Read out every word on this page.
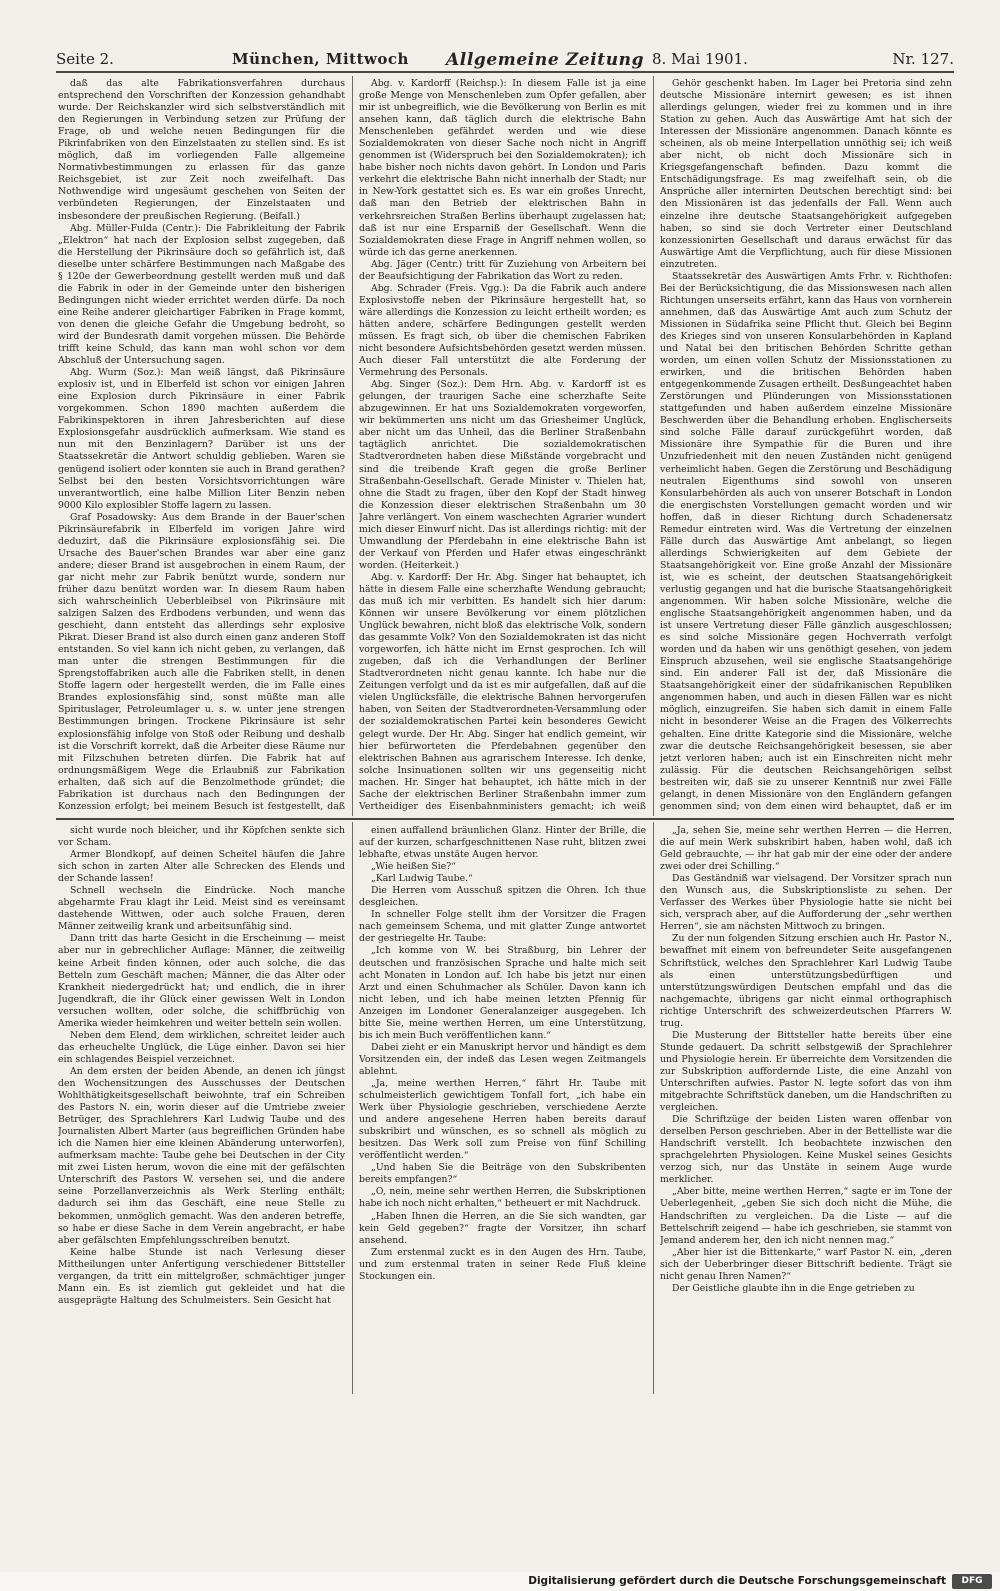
Seite 2.	München, Mittwoch Allgemeine Zeitung 8. Mai 1901.	Nr. 127.

daß das alte Fabrikationsverfahren durchaus entsprechend den Vorschriften der Konzession gehandhabt wurde. Der Reichskanzler wird sich selbstverständlich mit den Regierungen in Verbindung setzen zur Prüfung der Frage, ob und welche neuen Bedingungen für die Pikrinfabriken von den Einzelstaaten zu stellen sind. Es ist möglich, daß im vorliegenden Falle allgemeine Normativbestimmungen zu erlassen für das ganze Reichsgebiet, ist zur Zeit noch zweifelhaft. Das Nothwendige wird ungesäumt geschehen von Seiten der verbündeten Regierungen, der Einzelstaaten und insbesondere der preußischen Regierung. (Beifall.)

Abg. Müller-Fulda (Centr.): Die Fabrikleitung der Fabrik „Elektron“ hat nach der Explosion selbst zugegeben, daß die Herstellung der Pikrinsäure doch so gefährlich ist, daß dieselbe unter schärfere Bestimmungen nach Maßgabe des § 120e der Gewerbeordnung gestellt werden muß und daß die Fabrik in oder in der Gemeinde unter den bisherigen Bedingungen nicht wieder errichtet werden dürfe. Da noch eine Reihe anderer gleichartiger Fabriken in Frage kommt, von denen die gleiche Gefahr die Umgebung bedroht, so wird der Bundesrath damit vorgehen müssen. Die Behörde trifft keine Schuld, das kann man wohl schon vor dem Abschluß der Untersuchung sagen.

Abg. Wurm (Soz.): Man weiß längst, daß Pikrinsäure explosiv ist, und in Elberfeld ist schon vor einigen Jahren eine Explosion durch Pikrinsäure in einer Fabrik vorgekommen. Schon 1890 machten außerdem die Fabrikinspektoren in ihren Jahresberichten auf diese Explosionsgefahr ausdrücklich aufmerksam. Wie stand es nun mit den Benzinlagern? Darüber ist uns der Staatssekretär die Antwort schuldig geblieben. Waren sie genügend isoliert oder konnten sie auch in Brand gerathen? Selbst bei den besten Vorsichtsvorrichtungen wäre unverantwortlich, eine halbe Million Liter Benzin neben 9000 Kilo explosibler Stoffe lagern zu lassen.

Graf Posadowsky: Aus dem Brande in der Bauer'schen Pikrinsäurefabrik in Elberfeld im vorigen Jahre wird deduzirt, daß die Pikrinsäure explosionsfähig sei. Die Ursache des Bauer'schen Brandes war aber eine ganz andere; dieser Brand ist ausgebrochen in einem Raum, der gar nicht mehr zur Fabrik benützt wurde, sondern nur früher dazu benützt worden war. In diesem Raum haben sich wahrscheinlich Ueberbleibsel von Pikrinsäure mit salzigen Salzen des Erdbodens verbunden, und wenn das geschieht, dann entsteht das allerdings sehr explosive Pikrat. Dieser Brand ist also durch einen ganz anderen Stoff entstanden. So viel kann ich nicht geben, zu verlangen, daß man unter die strengen Bestimmungen für die Sprengstoffabriken auch alle die Fabriken stellt, in denen Stoffe lagern oder hergestellt werden, die im Falle eines Brandes explosionsfähig sind, sonst müßte man alle Spirituslager, Petroleumlager u. s. w. unter jene strengen Bestimmungen bringen. Trockene Pikrinsäure ist sehr explosionsfähig infolge von Stoß oder Reibung und deshalb ist die Vorschrift korrekt, daß die Arbeiter diese Räume nur mit Filzschuhen betreten dürfen. Die Fabrik hat auf ordnungsmäßigem Wege die Erlaubniß zur Fabrikation erhalten, daß sich auf die Benzolmethode gründet; die Fabrikation ist durchaus nach den Bedingungen der Konzession erfolgt; bei meinem Besuch ist festgestellt, daß

Abg. v. Kardorff (Reichsp.): In diesem Falle ist ja eine große Menge von Menschenleben zum Opfer gefallen, aber mir ist unbegreiflich, wie die Bevölkerung von Berlin es mit ansehen kann, daß täglich durch die elektrische Bahn Menschenleben gefährdet werden und wie diese Sozialdemokraten von dieser Sache noch nicht in Angriff genommen ist (Widerspruch bei den Sozialdemokraten); ich habe bisher noch nichts davon gehört. In London und Paris verkehrt die elektrische Bahn nicht innerhalb der Stadt; nur in New-York gestattet sich es. Es war ein großes Unrecht, daß man den Betrieb der elektrischen Bahn in verkehrsreichen Straßen Berlins überhaupt zugelassen hat; daß ist nur eine Ersparniß der Gesellschaft. Wenn die Sozialdemokraten diese Frage in Angriff nehmen wollen, so würde ich das gerne anerkennen.

Abg. Jäger (Centr.) tritt für Zuziehung von Arbeitern bei der Beaufsichtigung der Fabrikation das Wort zu reden.

Abg. Schrader (Freis. Vgg.): Da die Fabrik auch andere Explosivstoffe neben der Pikrinsäure hergestellt hat, so wäre allerdings die Konzession zu leicht ertheilt worden; es hätten andere, schärfere Bedingungen gestellt werden müssen. Es fragt sich, ob über die chemischen Fabriken nicht besondere Aufsichtsbehörden gesetzt werden müssen. Auch dieser Fall unterstützt die alte Forderung der Vermehrung des Personals.

Abg. Singer (Soz.): Dem Hrn. Abg. v. Kardorff ist es gelungen, der traurigen Sache eine scherzhafte Seite abzugewinnen. Er hat uns Sozialdemokraten vorgeworfen, wir bekümmerten uns nicht um das Griesheimer Unglück, aber nicht um das Unheil, das die Berliner Straßenbahn tagtäglich anrichtet. Die sozialdemokratischen Stadtverordneten haben diese Mißstände vorgebracht und sind die treibende Kraft gegen die große Berliner Straßenbahn-Gesellschaft. Gerade Minister v. Thielen hat, ohne die Stadt zu fragen, über den Kopf der Stadt hinweg die Konzession dieser elektrischen Straßenbahn um 30 Jahre verlängert. Von einem waschechten Agrarier wundert mich dieser Einwurf nicht. Das ist allerdings richtig: mit der Umwandlung der Pferdebahn in eine elektrische Bahn ist der Verkauf von Pferden und Hafer etwas eingeschränkt worden. (Heiterkeit.)

Abg. v. Kardorff: Der Hr. Abg. Singer hat behauptet, ich hätte in diesem Falle eine scherzhafte Wendung gebraucht; das muß ich mir verbitten. Es handelt sich hier darum: Können wir unsere Bevölkerung vor einem plötzlichen Unglück bewahren, nicht bloß das elektrische Volk, sondern das gesammte Volk? Von den Sozialdemokraten ist das nicht vorgeworfen, ich hätte nicht im Ernst gesprochen. Ich will zugeben, daß ich die Verhandlungen der Berliner Stadtverordneten nicht genau kannte. Ich habe nur die Zeitungen verfolgt und da ist es mir aufgefallen, daß auf die vielen Unglücksfälle, die elektrische Bahnen hervorgerufen haben, von Seiten der Stadtverordneten-Versammlung oder der sozialdemokratischen Partei kein besonderes Gewicht gelegt wurde. Der Hr. Abg. Singer hat endlich gemeint, wir hier befürworteten die Pferdebahnen gegenüber den elektrischen Bahnen aus agrarischem Interesse. Ich denke, solche Insinuationen sollten wir uns gegenseitig nicht machen. Hr. Singer hat behauptet, ich hätte mich in der Sache der elektrischen Berliner Straßenbahn immer zum Vertheidiger des Eisenbahnministers gemacht; ich weiß

Gehör geschenkt haben. Im Lager bei Pretoria sind zehn deutsche Missionäre internirt gewesen; es ist ihnen allerdings gelungen, wieder frei zu kommen und in ihre Station zu gehen. Auch das Auswärtige Amt hat sich der Interessen der Missionäre angenommen. Danach könnte es scheinen, als ob meine Interpellation unnöthig sei; ich weiß aber nicht, ob nicht doch Missionäre sich in Kriegsgefangenschaft befinden. Dazu kommt die Entschädigungsfrage. Es mag zweifelhaft sein, ob die Ansprüche aller internirten Deutschen berechtigt sind: bei den Missionären ist das jedenfalls der Fall. Wenn auch einzelne ihre deutsche Staatsangehörigkeit aufgegeben haben, so sind sie doch Vertreter einer Deutschland konzessionirten Gesellschaft und daraus erwächst für das Auswärtige Amt die Verpflichtung, auch für diese Missionen einzutreten.

Staatssekretär des Auswärtigen Amts Frhr. v. Richthofen: Bei der Berücksichtigung, die das Missionswesen nach allen Richtungen unserseits erfährt, kann das Haus von vornherein annehmen, daß das Auswärtige Amt auch zum Schutz der Missionen in Südafrika seine Pflicht thut. Gleich bei Beginn des Krieges sind von unseren Konsularbehörden in Kapland und Natal bei den britischen Behörden Schritte gethan worden, um einen vollen Schutz der Missionsstationen zu erwirken, und die britischen Behörden haben entgegenkommende Zusagen ertheilt. Desßungeachtet haben Zerstörungen und Plünderungen von Missionsstationen stattgefunden und haben außerdem einzelne Missionäre Beschwerden über die Behandlung erhoben. Englischerseits sind solche Fälle darauf zurückgeführt worden, daß Missionäre ihre Sympathie für die Buren und ihre Unzufriedenheit mit den neuen Zuständen nicht genügend verheimlicht haben. Gegen die Zerstörung und Beschädigung neutralen Eigenthums sind sowohl von unseren Konsularbehörden als auch von unserer Botschaft in London die energischsten Vorstellungen gemacht worden und wir hoffen, daß in dieser Richtung durch Schadenersatz Remedur eintreten wird. Was die Vertretung der einzelnen Fälle durch das Auswärtige Amt anbelangt, so liegen allerdings Schwierigkeiten auf dem Gebiete der Staatsangehörigkeit vor. Eine große Anzahl der Missionäre ist, wie es scheint, der deutschen Staatsangehörigkeit verlustig gegangen und hat die burische Staatsangehörigkeit angenommen. Wir haben solche Missionäre, welche die englische Staatsangehörigkeit angenommen haben, und da ist unsere Vertretung dieser Fälle gänzlich ausgeschlossen; es sind solche Missionäre gegen Hochverrath verfolgt worden und da haben wir uns genöthigt gesehen, von jedem Einspruch abzusehen, weil sie englische Staatsangehörige sind. Ein anderer Fall ist der, daß Missionäre die Staatsangehörigkeit einer der südafrikanischen Republiken angenommen haben, und auch in diesen Fällen war es nicht möglich, einzugreifen. Sie haben sich damit in einem Falle nicht in besonderer Weise an die Fragen des Völkerrechts gehalten. Eine dritte Kategorie sind die Missionäre, welche zwar die deutsche Reichsangehörigkeit besessen, sie aber jetzt verloren haben; auch ist ein Einschreiten nicht mehr zulässig. Für die deutschen Reichsangehörigen selbst bestreiten wir, daß sie zu unserer Kenntniß nur zwei Fälle gelangt, in denen Missionäre von den Engländern gefangen genommen sind; von dem einen wird behauptet, daß er im

sicht wurde noch bleicher, und ihr Köpfchen senkte sich vor Scham.

Armer Blondkopf, auf deinen Scheitel häufen die Jahre sich schon in zarten Alter alle Schrecken des Elends und der Schande lassen!

Schnell wechseln die Eindrücke. Noch manche abgeharmte Frau klagt ihr Leid. Meist sind es vereinsamt dastehende Wittwen, oder auch solche Frauen, deren Männer zeitweilig krank und arbeitsunfähig sind.

Dann tritt das harte Gesicht in die Erscheinung — meist aber nur in gebrechlicher Auflage: Männer, die zeitweilig keine Arbeit finden können, oder auch solche, die das Betteln zum Geschäft machen; Männer, die das Alter oder Krankheit niedergedrückt hat; und endlich, die in ihrer Jugendkraft, die ihr Glück einer gewissen Welt in London versuchen wollten, oder solche, die schiffbrüchig von Amerika wieder heimkehren und weiter betteln sein wollen.

Neben dem Elend, dem wirklichen, schreitet leider auch das erheuchelte Unglück, die Lüge einher. Davon sei hier ein schlagendes Beispiel verzeichnet.

An dem ersten der beiden Abende, an denen ich jüngst den Wochensitzungen des Ausschusses der Deutschen Wohlthätigkeitsgesellschaft beiwohnte, traf ein Schreiben des Pastors N. ein, worin dieser auf die Umtriebe zweier Betrüger, des Sprachlehrers Karl Ludwig Taube und des Journalisten Albert Marter (aus begreiflichen Gründen habe ich die Namen hier eine kleinen Abänderung unterworfen), aufmerksam machte: Taube gehe bei Deutschen in der City mit zwei Listen herum, wovon die eine mit der gefälschten Unterschrift des Pastors W. versehen sei, und die andere seine Porzellanverzeichnis als Werk Sterling enthält; dadurch sei ihm das Geschäft, eine neue Stelle zu bekommen, unmöglich gemacht. Was den anderen betreffe, so habe er diese Sache in dem Verein angebracht, er habe aber gefälschten Empfehlungsschreiben benutzt.

Keine halbe Stunde ist nach Verlesung dieser Mittheilungen unter Anfertigung verschiedener Bittsteller vergangen, da tritt ein mittelgroßer, schmächtiger junger Mann ein. Es ist ziemlich gut gekleidet und hat die ausgeprägte Haltung des Schulmeisters. Sein Gesicht hat

einen auffallend bräunlichen Glanz. Hinter der Brille, die auf der kurzen, scharfgeschnittenen Nase ruht, blitzen zwei lebhafte, etwas unstäte Augen hervor.

„Wie heißen Sie?“

„Karl Ludwig Taube.“

Die Herren vom Ausschuß spitzen die Ohren. Ich thue desgleichen.

In schneller Folge stellt ihm der Vorsitzer die Fragen nach gemeinsem Schema, und mit glatter Zunge antwortet der gestriegelte Hr. Taube:

„Ich komme von W. bei Straßburg, bin Lehrer der deutschen und französischen Sprache und halte mich seit acht Monaten in London auf. Ich habe bis jetzt nur einen Arzt und einen Schuhmacher als Schüler. Davon kann ich nicht leben, und ich habe meinen letzten Pfennig für Anzeigen im Londoner Generalanzeiger ausgegeben. Ich bitte Sie, meine werthen Herren, um eine Unterstützung, bis ich mein Buch veröffentlichen kann.“

Dabei zieht er ein Manuskript hervor und händigt es dem Vorsitzenden ein, der indeß das Lesen wegen Zeitmangels ablehnt.

„Ja, meine werthen Herren,“ fährt Hr. Taube mit schulmeisterlich gewichtigem Tonfall fort, „ich habe ein Werk über Physiologie geschrieben, verschiedene Aerzte und andere angesehene Herren haben bereits darauf subskribirt und wünschen, es so schnell als möglich zu besitzen. Das Werk soll zum Preise von fünf Schilling veröffentlicht werden.“

„Und haben Sie die Beiträge von den Subskribenten bereits empfangen?“

„O, nein, meine sehr werthen Herren, die Subskriptionen habe ich noch nicht erhalten,“ betheuert er mit Nachdruck.

„Haben Ihnen die Herren, an die Sie sich wandten, gar kein Geld gegeben?“ fragte der Vorsitzer, ihn scharf ansehend.

Zum erstenmal zuckt es in den Augen des Hrn. Taube, und zum erstenmal traten in seiner Rede Fluß kleine Stockungen ein.

„Ja, sehen Sie, meine sehr werthen Herren — die Herren, die auf mein Werk subskribirt haben, haben wohl, daß ich Geld gebrauchte, — ihr hat gab mir der eine oder der andere zwei oder drei Schilling.“

Das Geständniß war vielsagend. Der Vorsitzer sprach nun den Wunsch aus, die Subskriptionsliste zu sehen. Der Verfasser des Werkes über Physiologie hatte sie nicht bei sich, versprach aber, auf die Aufforderung der „sehr werthen Herren“, sie am nächsten Mittwoch zu bringen.

Zu der nun folgenden Sitzung erschien auch Hr. Pastor N., bewaffnet mit einem von befreundeter Seite ausgefangenen Schriftstück, welches den Sprachlehrer Karl Ludwig Taube als einen unterstützungsbedürftigen und unterstützungswürdigen Deutschen empfahl und das die nachgemachte, übrigens gar nicht einmal orthographisch richtige Unterschrift des schweizerdeutschen Pfarrers W. trug.

Die Musterung der Bittsteller hatte bereits über eine Stunde gedauert. Da schritt selbstgewiß der Sprachlehrer und Physiologie herein. Er überreichte dem Vorsitzenden die zur Subskription auffordernde Liste, die eine Anzahl von Unterschriften aufwies. Pastor N. legte sofort das von ihm mitgebrachte Schriftstück daneben, um die Handschriften zu vergleichen.

Die Schriftzüge der beiden Listen waren offenbar von derselben Person geschrieben. Aber in der Bettelliste war die Handschrift verstellt. Ich beobachtete inzwischen den sprachgelehrten Physiologen. Keine Muskel seines Gesichts verzog sich, nur das Unstäte in seinem Auge wurde merklicher.

„Aber bitte, meine werthen Herren,“ sagte er im Tone der Ueberlegenheit, „geben Sie sich doch nicht die Mühe, die Handschriften zu vergleichen. Da die Liste — auf die Bettelschrift zeigend — habe ich geschrieben, sie stammt von Jemand anderem her, den ich nicht nennen mag.“

„Aber hier ist die Bittenkarte,“ warf Pastor N. ein, „deren sich der Ueberbringer dieser Bittschrift bediente. Trägt sie nicht genau Ihren Namen?“

Der Geistliche glaubte ihn in die Enge getrieben zu

Digitalisierung gefördert durch die Deutsche Forschungsgemeinschaft	DFG
